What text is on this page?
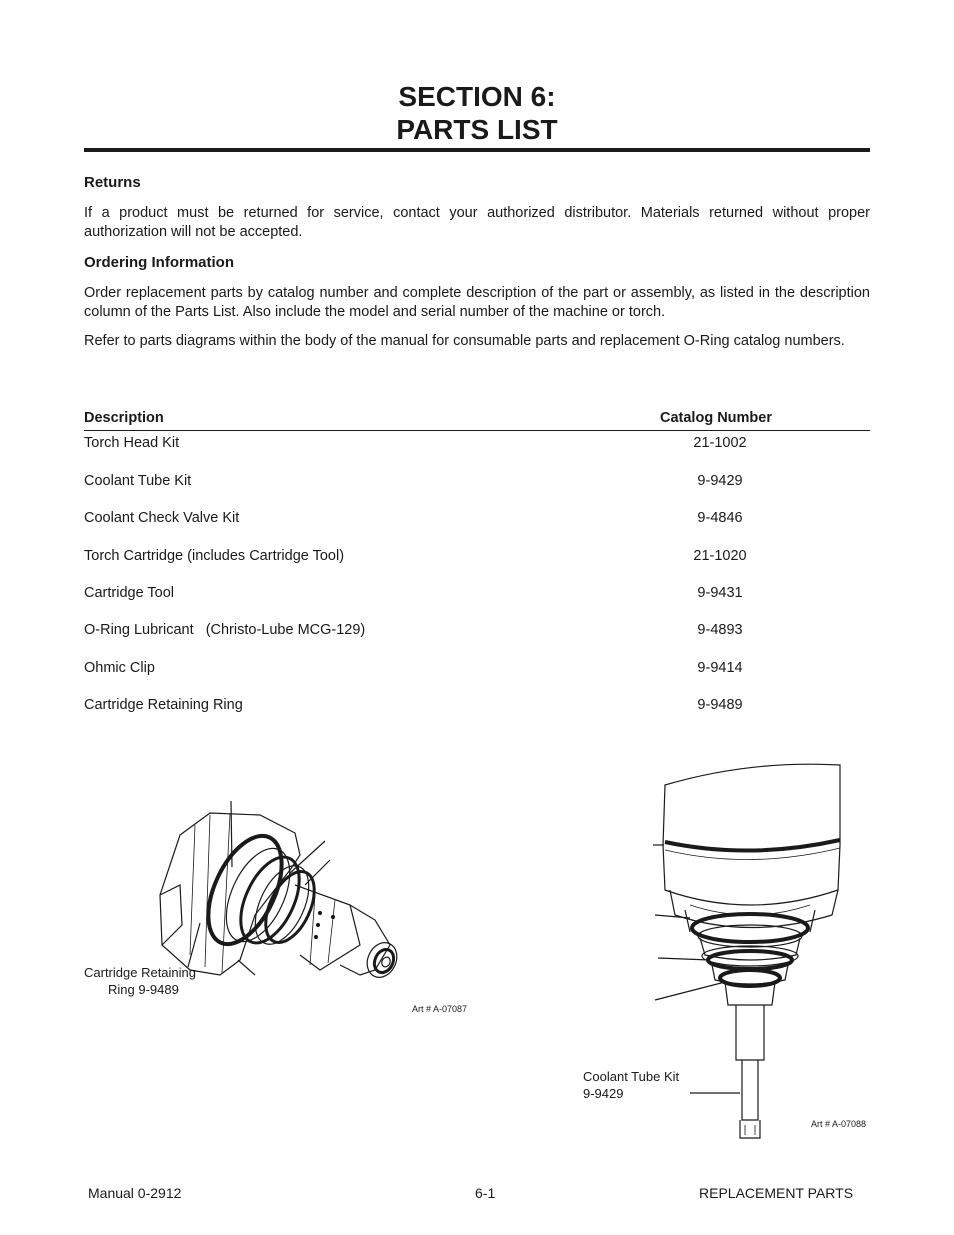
SECTION 6:
PARTS LIST
Returns
If a product must be returned for service, contact your authorized distributor. Materials returned without proper authorization will not be accepted.
Ordering Information
Order replacement parts by catalog number and complete description of the part or assembly, as listed in the description column of the Parts List. Also include the model and serial number of the machine or torch.
Refer to parts diagrams within the body of the manual for consumable parts and replacement O-Ring catalog numbers.
Description	Catalog Number
Torch Head Kit	21-1002
Coolant Tube Kit	9-9429
Coolant Check Valve Kit	9-4846
Torch Cartridge (includes Cartridge Tool)	21-1020
Cartridge Tool	9-9431
O-Ring Lubricant   (Christo-Lube MCG-129)	9-4893
Ohmic Clip	9-9414
Cartridge Retaining Ring	9-9489
Cartridge Retaining
Ring 9-9489
Art # A-07087
Coolant Tube Kit
9-9429
Art # A-07088
Manual 0-2912	6-1	REPLACEMENT PARTS
